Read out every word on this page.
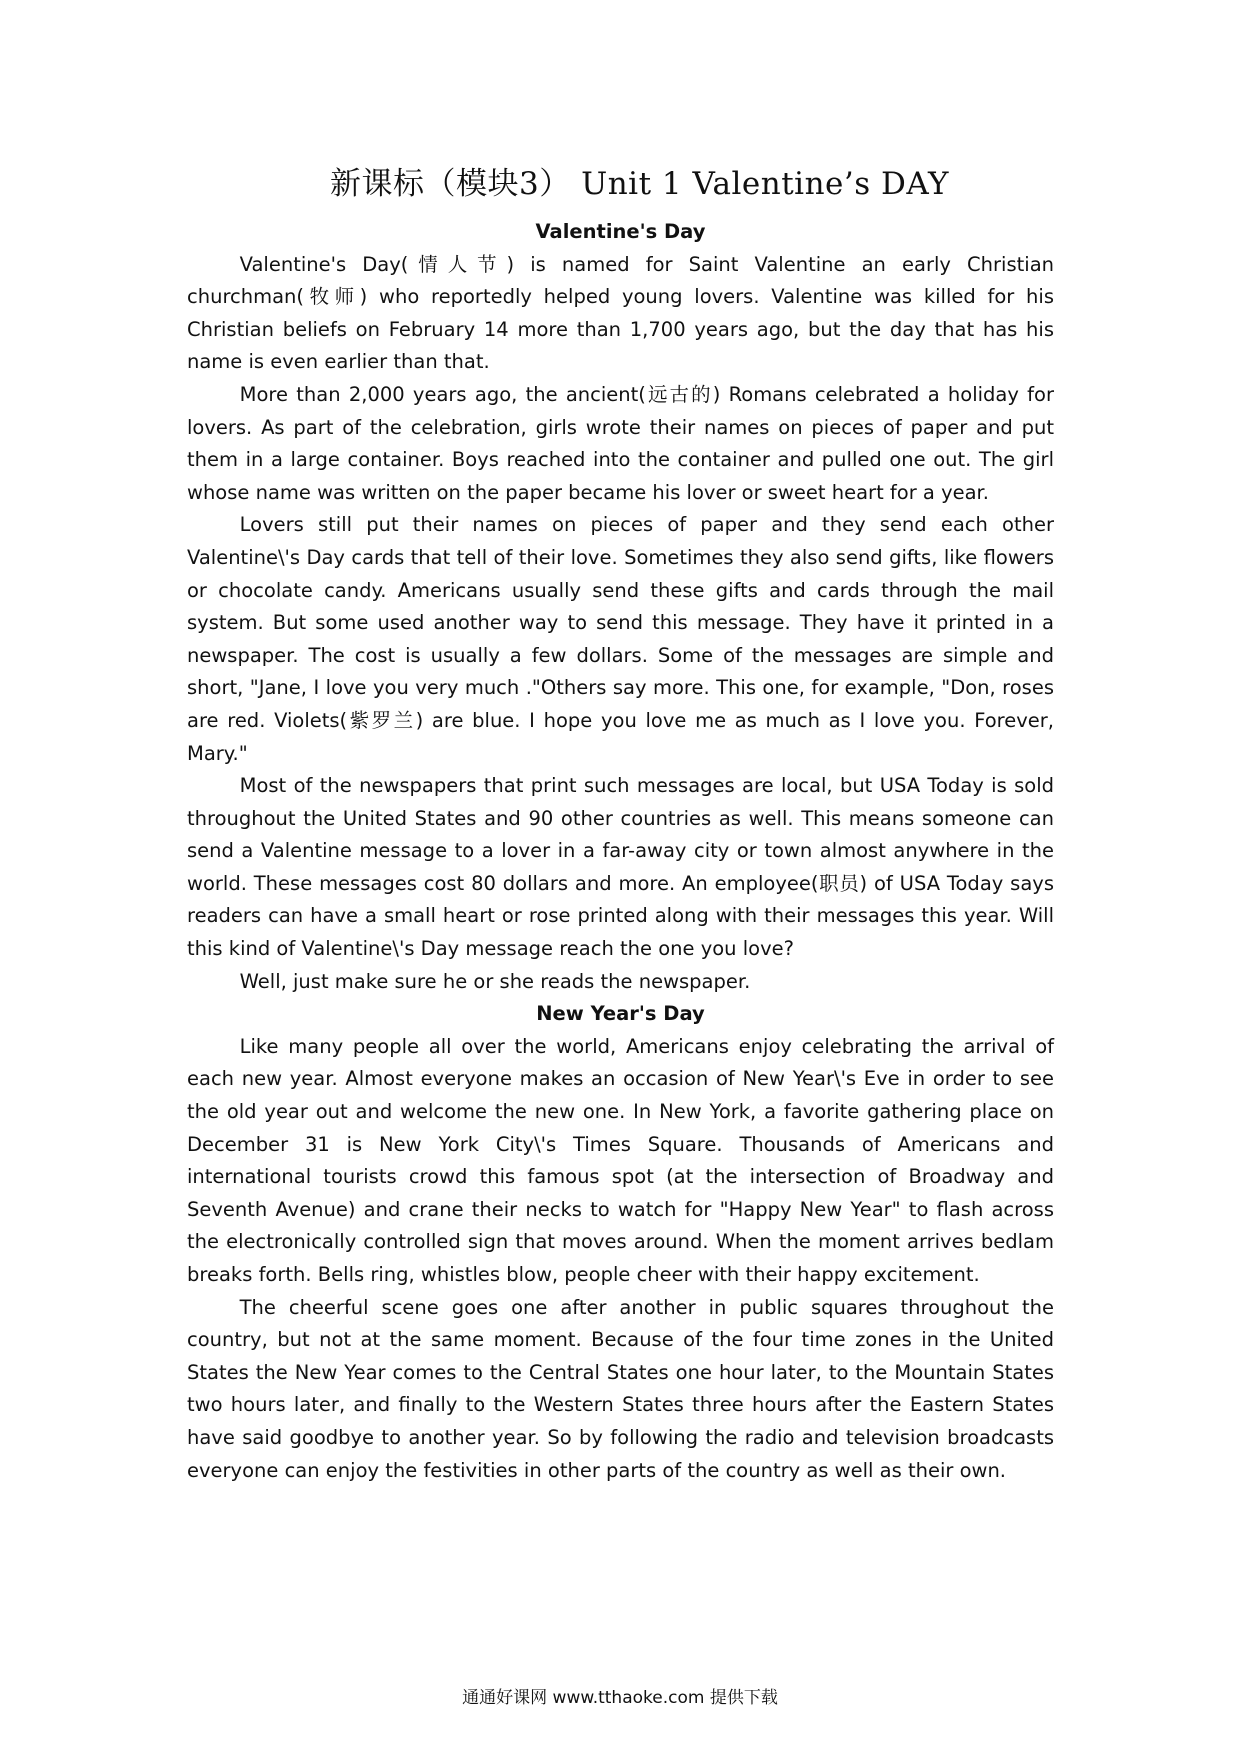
新课标（模块3） Unit 1 Valentine’s DAY

Valentine's Day

Valentine's Day(情人节) is named for Saint Valentine an early Christian churchman(牧师) who reportedly helped young lovers. Valentine was killed for his Christian beliefs on February 14 more than 1,700 years ago, but the day that has his name is even earlier than that.

More than 2,000 years ago, the ancient(远古的) Romans celebrated a holiday for lovers. As part of the celebration, girls wrote their names on pieces of paper and put them in a large container. Boys reached into the container and pulled one out. The girl whose name was written on the paper became his lover or sweet heart for a year.

Lovers still put their names on pieces of paper and they send each other Valentine\'s Day cards that tell of their love. Sometimes they also send gifts, like flowers or chocolate candy. Americans usually send these gifts and cards through the mail system. But some used another way to send this message. They have it printed in a newspaper. The cost is usually a few dollars. Some of the messages are simple and short, "Jane, I love you very much ."Others say more. This one, for example, "Don, roses are red. Violets(紫罗兰) are blue. I hope you love me as much as I love you. Forever, Mary."

Most of the newspapers that print such messages are local, but USA Today is sold throughout the United States and 90 other countries as well. This means someone can send a Valentine message to a lover in a far-away city or town almost anywhere in the world. These messages cost 80 dollars and more. An employee(职员) of USA Today says readers can have a small heart or rose printed along with their messages this year. Will this kind of Valentine\'s Day message reach the one you love?

Well, just make sure he or she reads the newspaper.

New Year's Day

Like many people all over the world, Americans enjoy celebrating the arrival of each new year. Almost everyone makes an occasion of New Year\'s Eve in order to see the old year out and welcome the new one. In New York, a favorite gathering place on December 31 is New York City\'s Times Square. Thousands of Americans and international tourists crowd this famous spot (at the intersection of Broadway and Seventh Avenue) and crane their necks to watch for "Happy New Year" to flash across the electronically controlled sign that moves around. When the moment arrives bedlam breaks forth. Bells ring, whistles blow, people cheer with their happy excitement.

The cheerful scene goes one after another in public squares throughout the country, but not at the same moment. Because of the four time zones in the United States the New Year comes to the Central States one hour later, to the Mountain States two hours later, and finally to the Western States three hours after the Eastern States have said goodbye to another year. So by following the radio and television broadcasts everyone can enjoy the festivities in other parts of the country as well as their own.

通通好课网 www.tthaoke.com 提供下载
